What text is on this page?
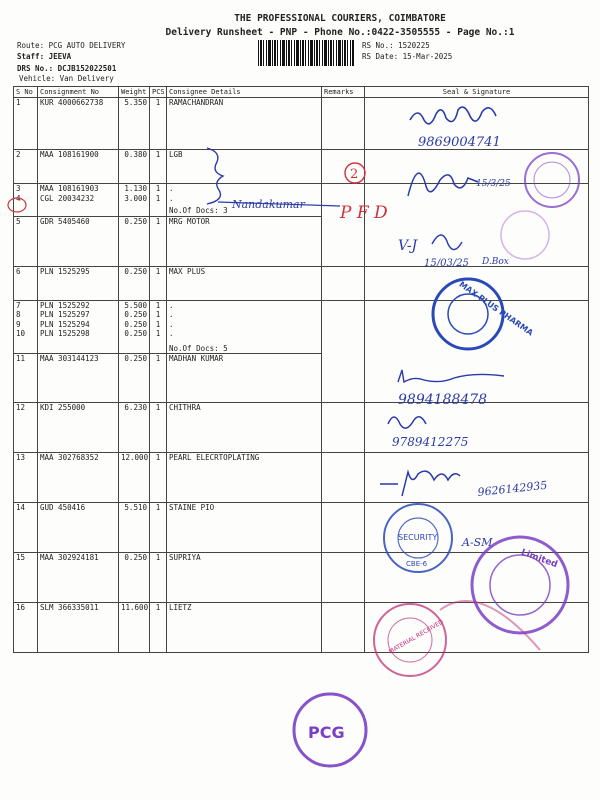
THE PROFESSIONAL COURIERS, COIMBATORE
Delivery Runsheet - PNP - Phone No.:0422-3505555 - Page No.:1
Route: PCG AUTO DELIVERY
Staff: JEEVA
DRS No.: DCJB152022501
Vehicle: Van Delivery
RS No.: 1520225
RS Date: 15-Mar-2025
S No	Consignment No	Weight	PCS	Consignee Details	Remarks	Seal & Signature
1	KUR 4000662738	5.350	1	RAMACHANDRAN		
2	MAA 108161900	0.380	1	LGB		
3	MAA 108161903	1.130	1	.		
4	CGL 20034232	3.000	1	.		
				No.Of Docs: 3		
5	GDR 5405460	0.250	1	MRG MOTOR		
6	PLN 1525295	0.250	1	MAX PLUS		
7	PLN 1525292	5.500	1	.		
8	PLN 1525297	0.250	1	.		
9	PLN 1525294	0.250	1	.		
10	PLN 1525298	0.250	1	.		
				No.Of Docs: 5		
11	MAA 303144123	0.250	1	MADHAN KUMAR		
12	KDI 255000	6.230	1	CHITHRA		
13	MAA 302768352	12.000	1	PEARL ELECRTOPLATING		
14	GUD 450416	5.510	1	STAINE PIO		
15	MAA 302924181	0.250	1	SUPRIYA		
16	SLM 366335011	11.600	1	LIETZ		
9869004741
Nandakumar
2
P F D
15/3/25
V-J
15/03/25 D.Box
MAX PLUS PHARMA
9894188478
9789412275
9626142935
SECURITY
CBE-6
A-SM
Limited
MATERIAL RECEIVED
PCG
